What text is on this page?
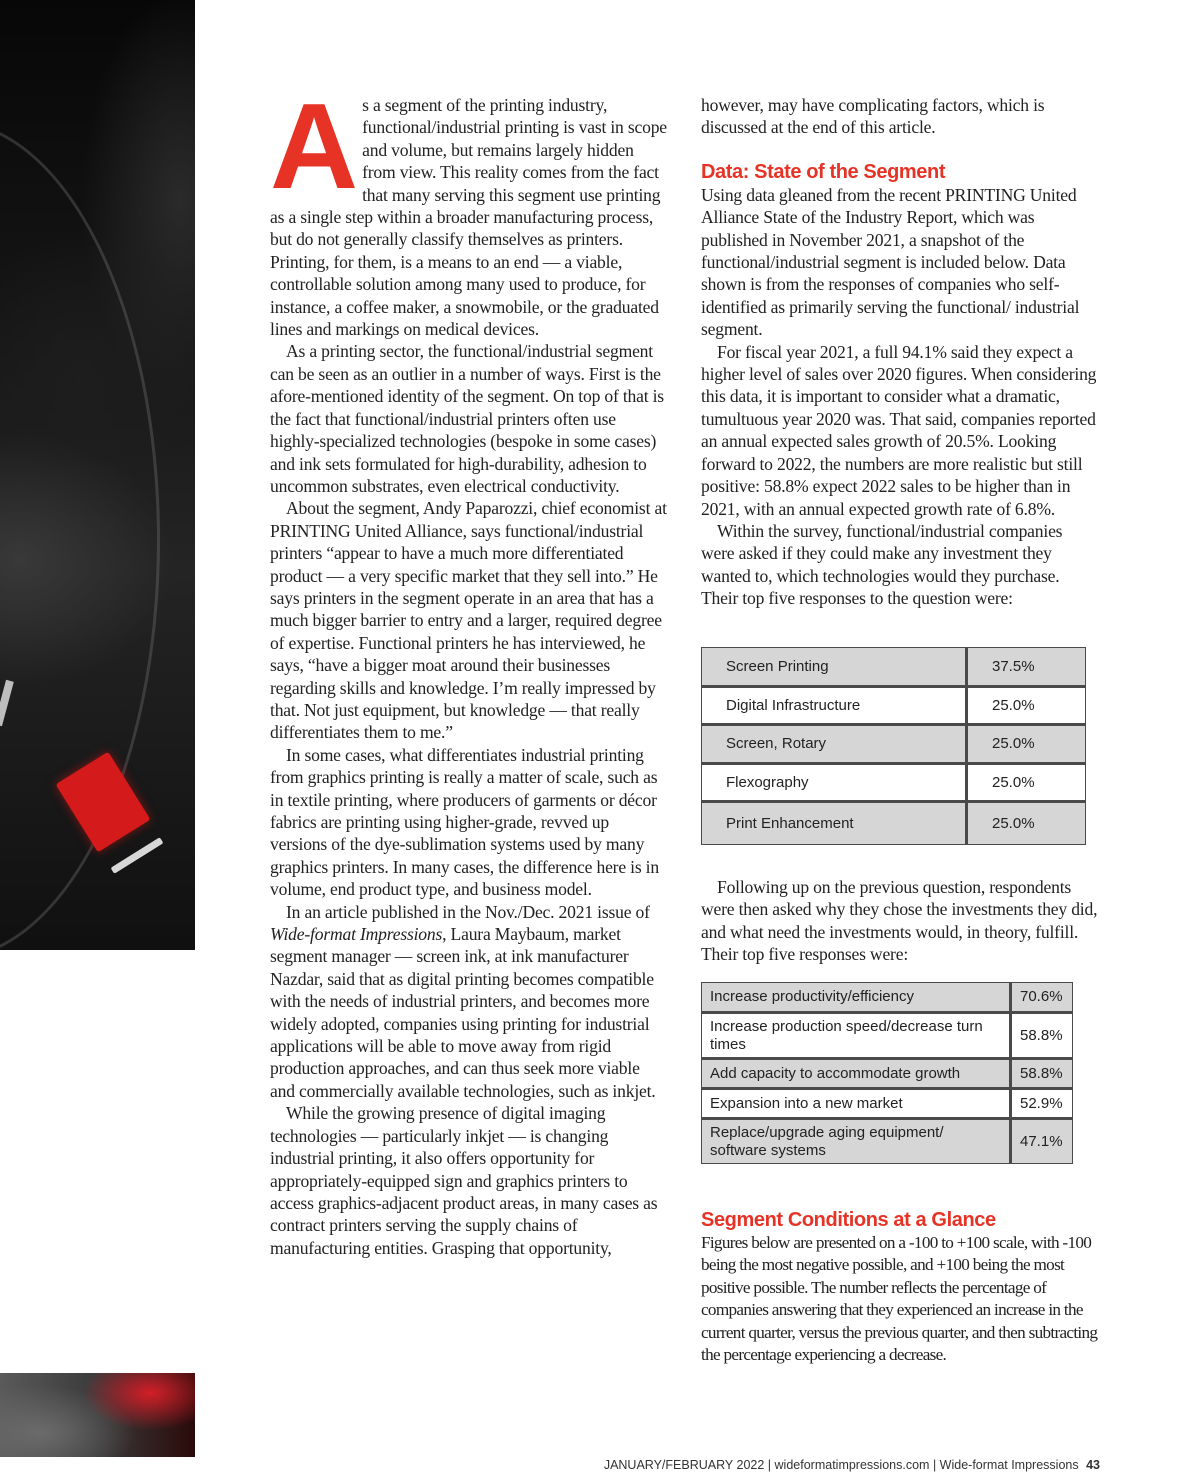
As a segment of the printing industry, functional/industrial printing is vast in scope and volume, but remains largely hidden from view. This reality comes from the fact that many serving this segment use printing as a single step within a broader manufacturing process, but do not generally classify themselves as printers. Printing, for them, is a means to an end — a viable, controllable solution among many used to produce, for instance, a coffee maker, a snowmobile, or the graduated lines and markings on medical devices.

As a printing sector, the functional/industrial segment can be seen as an outlier in a number of ways. First is the afore-mentioned identity of the segment. On top of that is the fact that functional/industrial printers often use highly-specialized technologies (bespoke in some cases) and ink sets formulated for high-durability, adhesion to uncommon substrates, even electrical conductivity.

About the segment, Andy Paparozzi, chief economist at PRINTING United Alliance, says functional/industrial printers “appear to have a much more differentiated product — a very specific market that they sell into.” He says printers in the segment operate in an area that has a much bigger barrier to entry and a larger, required degree of expertise. Functional printers he has interviewed, he says, “have a bigger moat around their businesses regarding skills and knowledge. I’m really impressed by that. Not just equipment, but knowledge — that really differentiates them to me.”

In some cases, what differentiates industrial printing from graphics printing is really a matter of scale, such as in textile printing, where producers of garments or décor fabrics are printing using higher-grade, revved up versions of the dye-sublimation systems used by many graphics printers. In many cases, the difference here is in volume, end product type, and business model.

In an article published in the Nov./Dec. 2021 issue of Wide-format Impressions, Laura Maybaum, market segment manager — screen ink, at ink manufacturer Nazdar, said that as digital printing becomes compatible with the needs of industrial printers, and becomes more widely adopted, companies using printing for industrial applications will be able to move away from rigid production approaches, and can thus seek more viable and commercially available technologies, such as inkjet.

While the growing presence of digital imaging technologies — particularly inkjet — is changing industrial printing, it also offers opportunity for appropriately-equipped sign and graphics printers to access graphics-adjacent product areas, in many cases as contract printers serving the supply chains of manufacturing entities. Grasping that opportunity,

however, may have complicating factors, which is discussed at the end of this article.

Data: State of the Segment

Using data gleaned from the recent PRINTING United Alliance State of the Industry Report, which was published in November 2021, a snapshot of the functional/industrial segment is included below. Data shown is from the responses of companies who self-identified as primarily serving the functional/ industrial segment.

For fiscal year 2021, a full 94.1% said they expect a higher level of sales over 2020 figures. When considering this data, it is important to consider what a dramatic, tumultuous year 2020 was. That said, companies reported an annual expected sales growth of 20.5%. Looking forward to 2022, the numbers are more realistic but still positive: 58.8% expect 2022 sales to be higher than in 2021, with an annual expected growth rate of 6.8%.

Within the survey, functional/industrial companies were asked if they could make any investment they wanted to, which technologies would they purchase. Their top five responses to the question were:

Screen Printing	37.5%
Digital Infrastructure	25.0%
Screen, Rotary	25.0%
Flexography	25.0%
Print Enhancement	25.0%

Following up on the previous question, respondents were then asked why they chose the investments they did, and what need the investments would, in theory, fulfill. Their top five responses were:

Increase productivity/efficiency	70.6%
Increase production speed/decrease turn times	58.8%
Add capacity to accommodate growth	58.8%
Expansion into a new market	52.9%
Replace/upgrade aging equipment/ software systems	47.1%
Segment Conditions at a Glance

Figures below are presented on a -100 to +100 scale, with -100 being the most negative possible, and +100 being the most positive possible. The number reflects the percentage of companies answering that they experienced an increase in the current quarter, versus the previous quarter, and then subtracting the percentage experiencing a decrease.

JANUARY/FEBRUARY 2022 | wideformatimpressions.com | Wide-format Impressions 43
